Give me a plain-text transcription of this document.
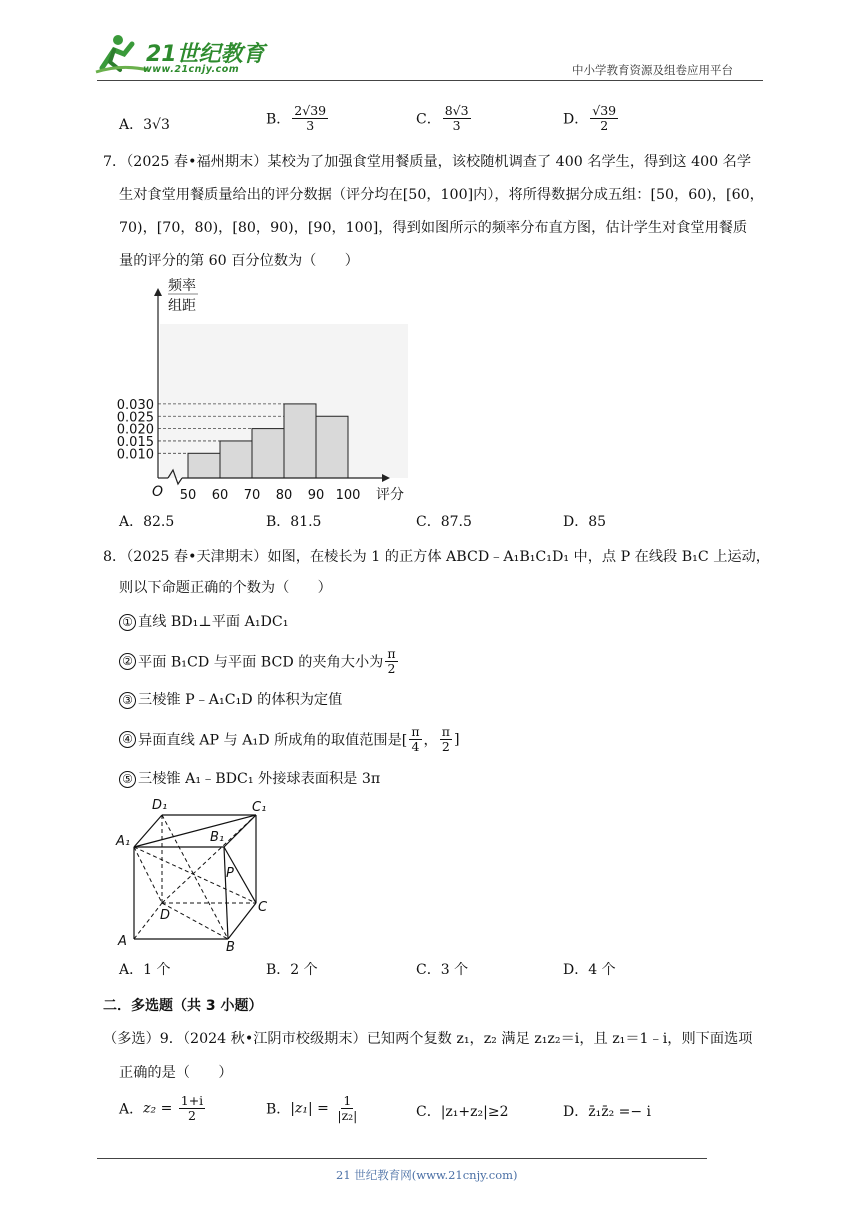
21世纪教育
www.21cnjy.com	中小学教育资源及组卷应用平台
A．3√3	B． $\frac{2√39}{3}$	C． $\frac{8√3}{3}$	D． $\frac{√39}{2}$
7．（2025 春•福州期末）某校为了加强食堂用餐质量，该校随机调查了 400 名学生，得到这 400 名学
生对食堂用餐质量给出的评分数据（评分均在[50，100]内），将所得数据分成五组：[50，60)，[60，
70)，[70，80)，[80，90)，[90，100]，得到如图所示的频率分布直方图，估计学生对食堂用餐质
量的评分的第 60 百分位数为（　　）
0.010
0.015
0.020
0.025
0.030
50 60 70 80 90 100
O
频率
组距
评分
A．82.5	B．81.5	C．87.5	D．85
8．（2025 春•天津期末）如图，在棱长为 1 的正方体 ABCD﹣A₁B₁C₁D₁ 中，点 P 在线段 B₁C 上运动，
则以下命题正确的个数为（　　）
① 直线 BD₁⊥平面 A₁DC₁
② 平面 B₁CD 与平面 BCD 的夹角大小为 $\frac{\pi}{2}$
③ 三棱锥 P﹣A₁C₁D 的体积为定值
④ 异面直线 AP 与 A₁D 所成角的取值范围是[ $\frac{\pi}{4}$ ， $\frac{\pi}{2}$ ]
⑤ 三棱锥 A₁﹣BDC₁ 外接球表面积是 3π
A	B
C
D
A₁	B₁
C₁
D₁
P
A．1 个	B．2 个	C．3 个	D．4 个
二．多选题（共 3 小题）
（多选）9．（2024 秋•江阴市校级期末）已知两个复数 z₁，z₂ 满足 z₁z₂＝i，且 z₁＝1﹣i，则下面选项
正确的是（　　）
A．$z_2 = \frac{1+i}{2}$	B．$|z_1| = \frac{1}{\text{|z₂|}}$	C．|z₁+z₂|≥2	D．z̄₁z̄₂ =− i
21 世纪教育网(www.21cnjy.com)
